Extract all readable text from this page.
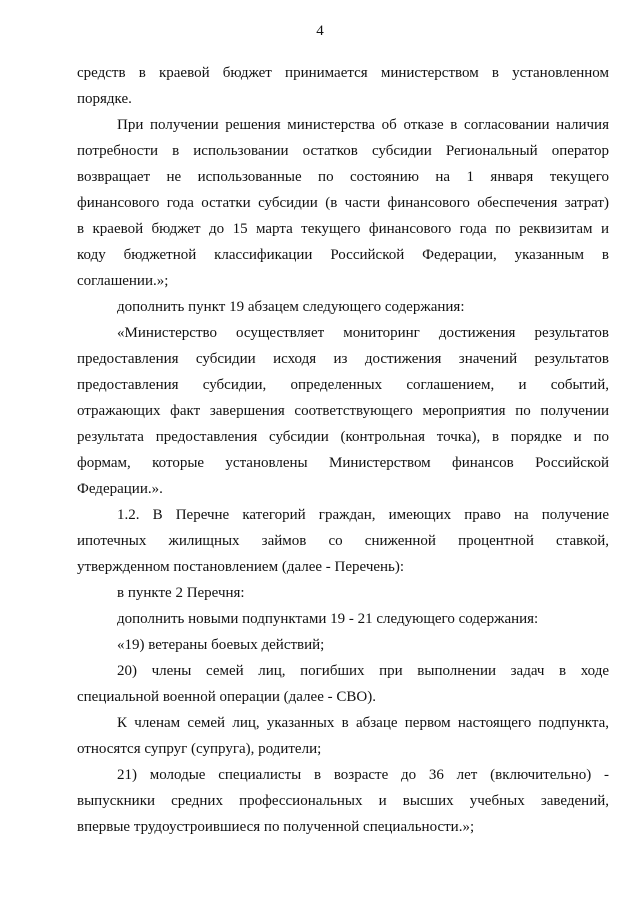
4
средств в краевой бюджет принимается министерством в установленном
порядке.
При получении решения министерства об отказе в согласовании наличия
потребности в использовании остатков субсидии Региональный оператор
возвращает не использованные по состоянию на 1 января текущего
финансового года остатки субсидии (в части финансового обеспечения затрат)
в краевой бюджет до 15 марта текущего финансового года по реквизитам и
коду бюджетной классификации Российской Федерации, указанным в
соглашении.»;
дополнить пункт 19 абзацем следующего содержания:
«Министерство осуществляет мониторинг достижения результатов
предоставления субсидии исходя из достижения значений результатов
предоставления субсидии, определенных соглашением, и событий,
отражающих факт завершения соответствующего мероприятия по получении
результата предоставления субсидии (контрольная точка), в порядке и по
формам, которые установлены Министерством финансов Российской
Федерации.».
1.2. В Перечне категорий граждан, имеющих право на получение
ипотечных жилищных займов со сниженной процентной ставкой,
утвержденном постановлением (далее - Перечень):
в пункте 2 Перечня:
дополнить новыми подпунктами 19 - 21 следующего содержания:
«19) ветераны боевых действий;
20) члены семей лиц, погибших при выполнении задач в ходе
специальной военной операции (далее - СВО).
К членам семей лиц, указанных в абзаце первом настоящего подпункта,
относятся супруг (супруга), родители;
21) молодые специалисты в возрасте до 36 лет (включительно) -
выпускники средних профессиональных и высших учебных заведений,
впервые трудоустроившиеся по полученной специальности.»;
